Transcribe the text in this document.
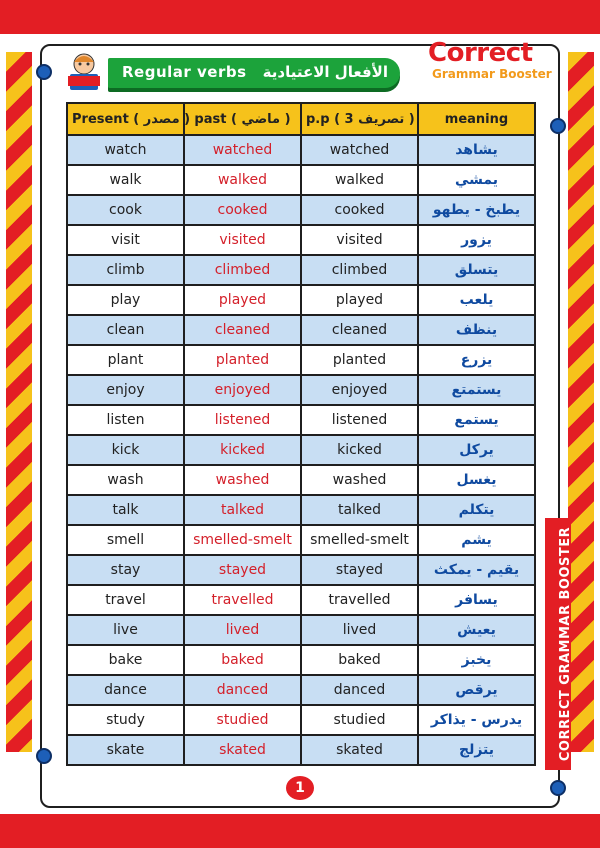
Regular verbs	الأفعال الاعتيادية
Correct
Grammar Booster
CORRECT GRAMMAR BOOSTER
Present ( مصدر )	past ( ماضي )	p.p ( تصريف 3 )	meaning
watch	watched	watched	يشاهد
walk	walked	walked	يمشي
cook	cooked	cooked	يطبخ - يطهو
visit	visited	visited	يزور
climb	climbed	climbed	يتسلق
play	played	played	يلعب
clean	cleaned	cleaned	ينظف
plant	planted	planted	يزرع
enjoy	enjoyed	enjoyed	يستمتع
listen	listened	listened	يستمع
kick	kicked	kicked	يركل
wash	washed	washed	يغسل
talk	talked	talked	يتكلم
smell	smelled-smelt	smelled-smelt	يشم
stay	stayed	stayed	يقيم - يمكث
travel	travelled	travelled	يسافر
live	lived	lived	يعيش
bake	baked	baked	يخبز
dance	danced	danced	يرقص
study	studied	studied	يدرس - يذاكر
skate	skated	skated	يتزلج
1
